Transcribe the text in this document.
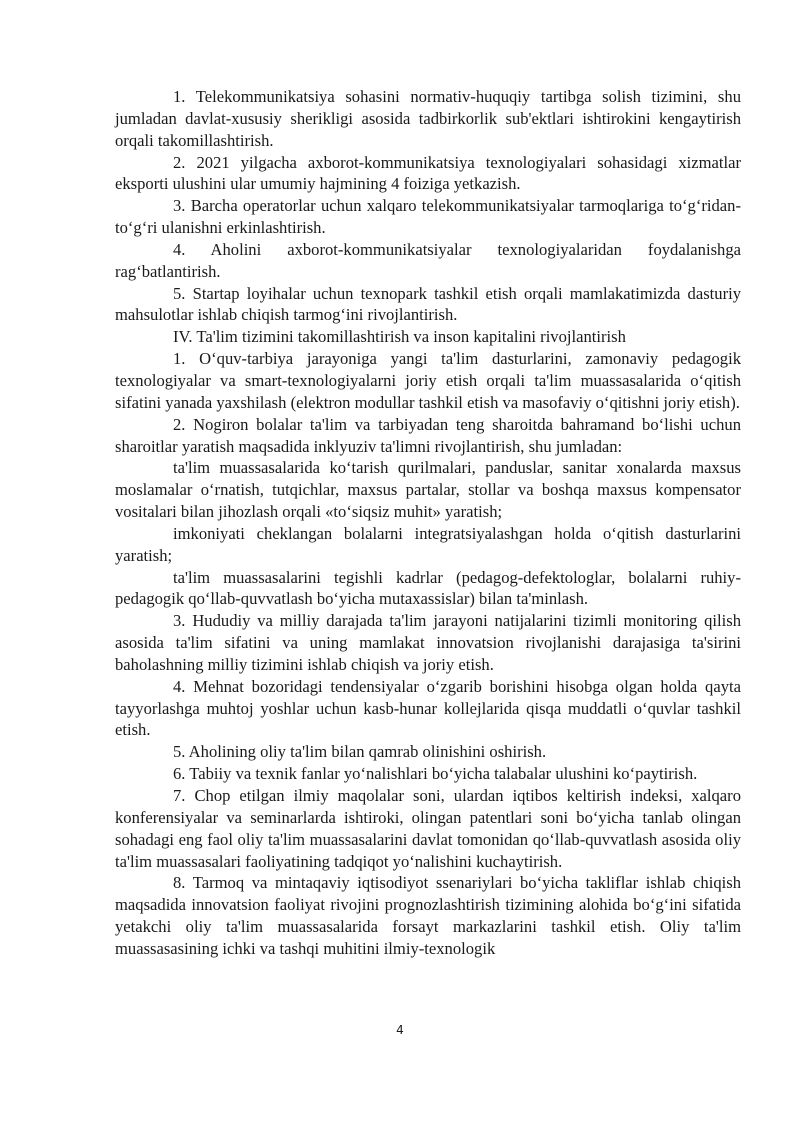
1. Telekommunikatsiya sohasini normativ-huquqiy tartibga solish tizimini, shu jumladan davlat-xususiy sherikligi asosida tadbirkorlik sub'ektlari ishtirokini kengaytirish orqali takomillashtirish.

2. 2021 yilgacha axborot-kommunikatsiya texnologiyalari sohasidagi xizmatlar eksporti ulushini ular umumiy hajmining 4 foiziga yetkazish.

3. Barcha operatorlar uchun xalqaro telekommunikatsiyalar tarmoqlariga to‘g‘ridan-to‘g‘ri ulanishni erkinlashtirish.

4. Aholini axborot-kommunikatsiyalar texnologiyalaridan foydalanishga rag‘batlantirish.

5. Startap loyihalar uchun texnopark tashkil etish orqali mamlakatimizda dasturiy mahsulotlar ishlab chiqish tarmog‘ini rivojlantirish.

IV. Ta'lim tizimini takomillashtirish va inson kapitalini rivojlantirish

1. O‘quv-tarbiya jarayoniga yangi ta'lim dasturlarini, zamonaviy pedagogik texnologiyalar va smart-texnologiyalarni joriy etish orqali ta'lim muassasalarida o‘qitish sifatini yanada yaxshilash (elektron modullar tashkil etish va masofaviy o‘qitishni joriy etish).

2. Nogiron bolalar ta'lim va tarbiyadan teng sharoitda bahramand bo‘lishi uchun sharoitlar yaratish maqsadida inklyuziv ta'limni rivojlantirish, shu jumladan:

ta'lim muassasalarida ko‘tarish qurilmalari, panduslar, sanitar xonalarda maxsus moslamalar o‘rnatish, tutqichlar, maxsus partalar, stollar va boshqa maxsus kompensator vositalari bilan jihozlash orqali «to‘siqsiz muhit» yaratish;

imkoniyati cheklangan bolalarni integratsiyalashgan holda o‘qitish dasturlarini yaratish;

ta'lim muassasalarini tegishli kadrlar (pedagog-defektologlar, bolalarni ruhiy-pedagogik qo‘llab-quvvatlash bo‘yicha mutaxassislar) bilan ta'minlash.

3. Hududiy va milliy darajada ta'lim jarayoni natijalarini tizimli monitoring qilish asosida ta'lim sifatini va uning mamlakat innovatsion rivojlanishi darajasiga ta'sirini baholashning milliy tizimini ishlab chiqish va joriy etish.

4. Mehnat bozoridagi tendensiyalar o‘zgarib borishini hisobga olgan holda qayta tayyorlashga muhtoj yoshlar uchun kasb-hunar kollejlarida qisqa muddatli o‘quvlar tashkil etish.

5. Aholining oliy ta'lim bilan qamrab olinishini oshirish.

6. Tabiiy va texnik fanlar yo‘nalishlari bo‘yicha talabalar ulushini ko‘paytirish.

7. Chop etilgan ilmiy maqolalar soni, ulardan iqtibos keltirish indeksi, xalqaro konferensiyalar va seminarlarda ishtiroki, olingan patentlari soni bo‘yicha tanlab olingan sohadagi eng faol oliy ta'lim muassasalarini davlat tomonidan qo‘llab-quvvatlash asosida oliy ta'lim muassasalari faoliyatining tadqiqot yo‘nalishini kuchaytirish.

8. Tarmoq va mintaqaviy iqtisodiyot ssenariylari bo‘yicha takliflar ishlab chiqish maqsadida innovatsion faoliyat rivojini prognozlashtirish tizimining alohida bo‘g‘ini sifatida yetakchi oliy ta'lim muassasalarida forsayt markazlarini tashkil etish. Oliy ta'lim muassasasining ichki va tashqi muhitini ilmiy-texnologik

4
